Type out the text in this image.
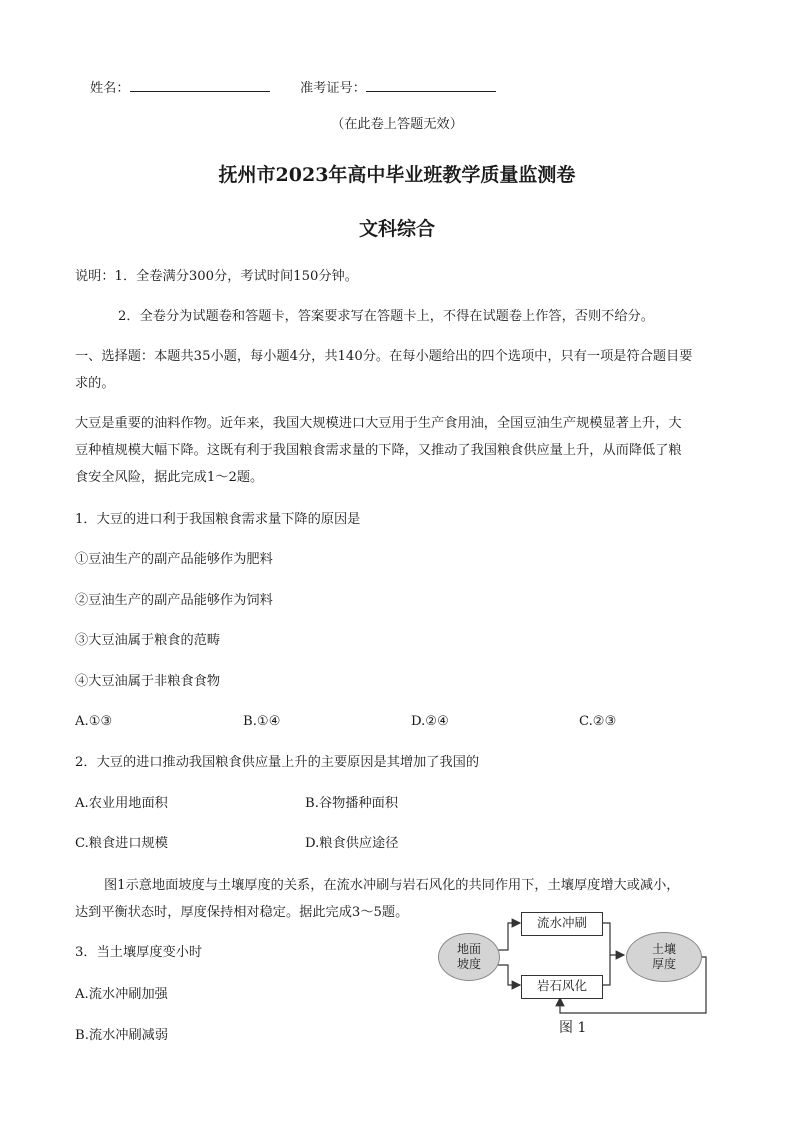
姓名：	准考证号：
（在此卷上答题无效）
抚州市2023年高中毕业班教学质量监测卷
文科综合
说明：1．全卷满分300分，考试时间150分钟。
2．全卷分为试题卷和答题卡，答案要求写在答题卡上，不得在试题卷上作答，否则不给分。
一、选择题：本题共35小题，每小题4分，共140分。在每小题给出的四个选项中，只有一项是符合题目要
求的。
大豆是重要的油料作物。近年来，我国大规模进口大豆用于生产食用油，全国豆油生产规模显著上升，大
豆种植规模大幅下降。这既有利于我国粮食需求量的下降，又推动了我国粮食供应量上升，从而降低了粮
食安全风险，据此完成1～2题。
1．大豆的进口利于我国粮食需求量下降的原因是
①豆油生产的副产品能够作为肥料
②豆油生产的副产品能够作为饲料
③大豆油属于粮食的范畴
④大豆油属于非粮食食物
A.①③	B.①④	D.②④	C.②③
2．大豆的进口推动我国粮食供应量上升的主要原因是其增加了我国的
A.农业用地面积	B.谷物播种面积
C.粮食进口规模	D.粮食供应途径
图1示意地面坡度与土壤厚度的关系，在流水冲刷与岩石风化的共同作用下，土壤厚度增大或减小，
达到平衡状态时，厚度保持相对稳定。据此完成3～5题。
3．当土壤厚度变小时
A.流水冲刷加强
B.流水冲刷减弱
地面
坡度
流水冲刷
岩石风化
土壤
厚度
图 1
